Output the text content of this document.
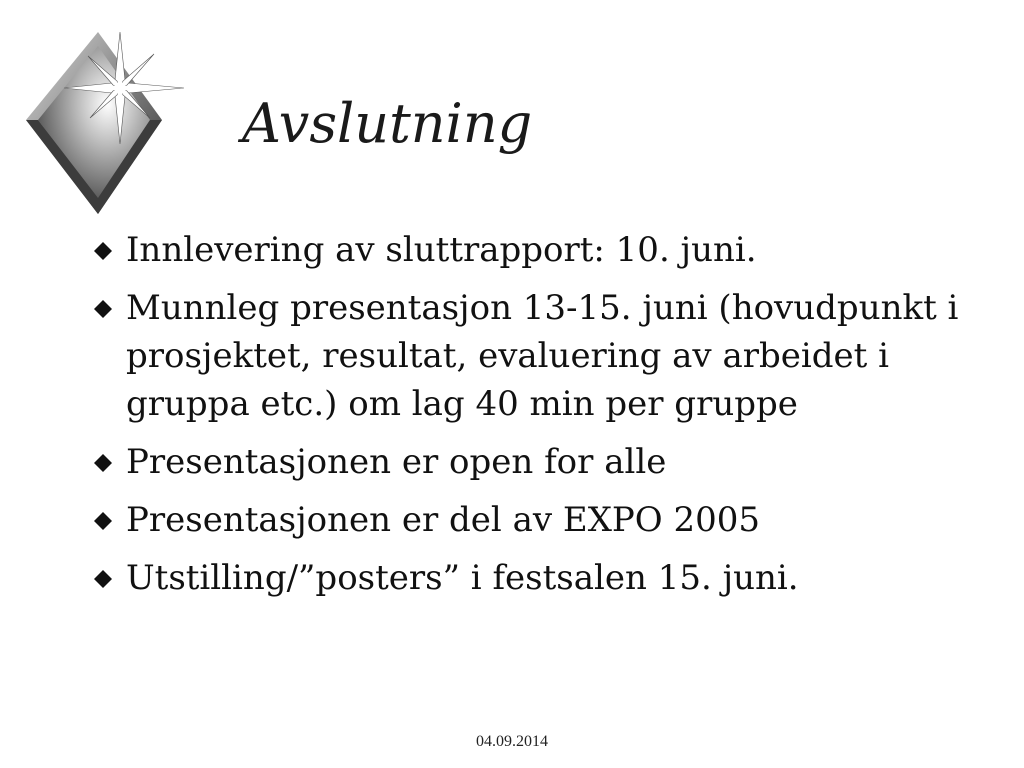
Avslutning
Innlevering av sluttrapport: 10. juni.
Munnleg presentasjon 13-15. juni (hovudpunkt i prosjektet, resultat, evaluering av arbeidet i gruppa etc.) om lag 40 min per gruppe
Presentasjonen er open for alle
Presentasjonen er del av EXPO 2005
Utstilling/”posters” i festsalen 15. juni.
04.09.2014
